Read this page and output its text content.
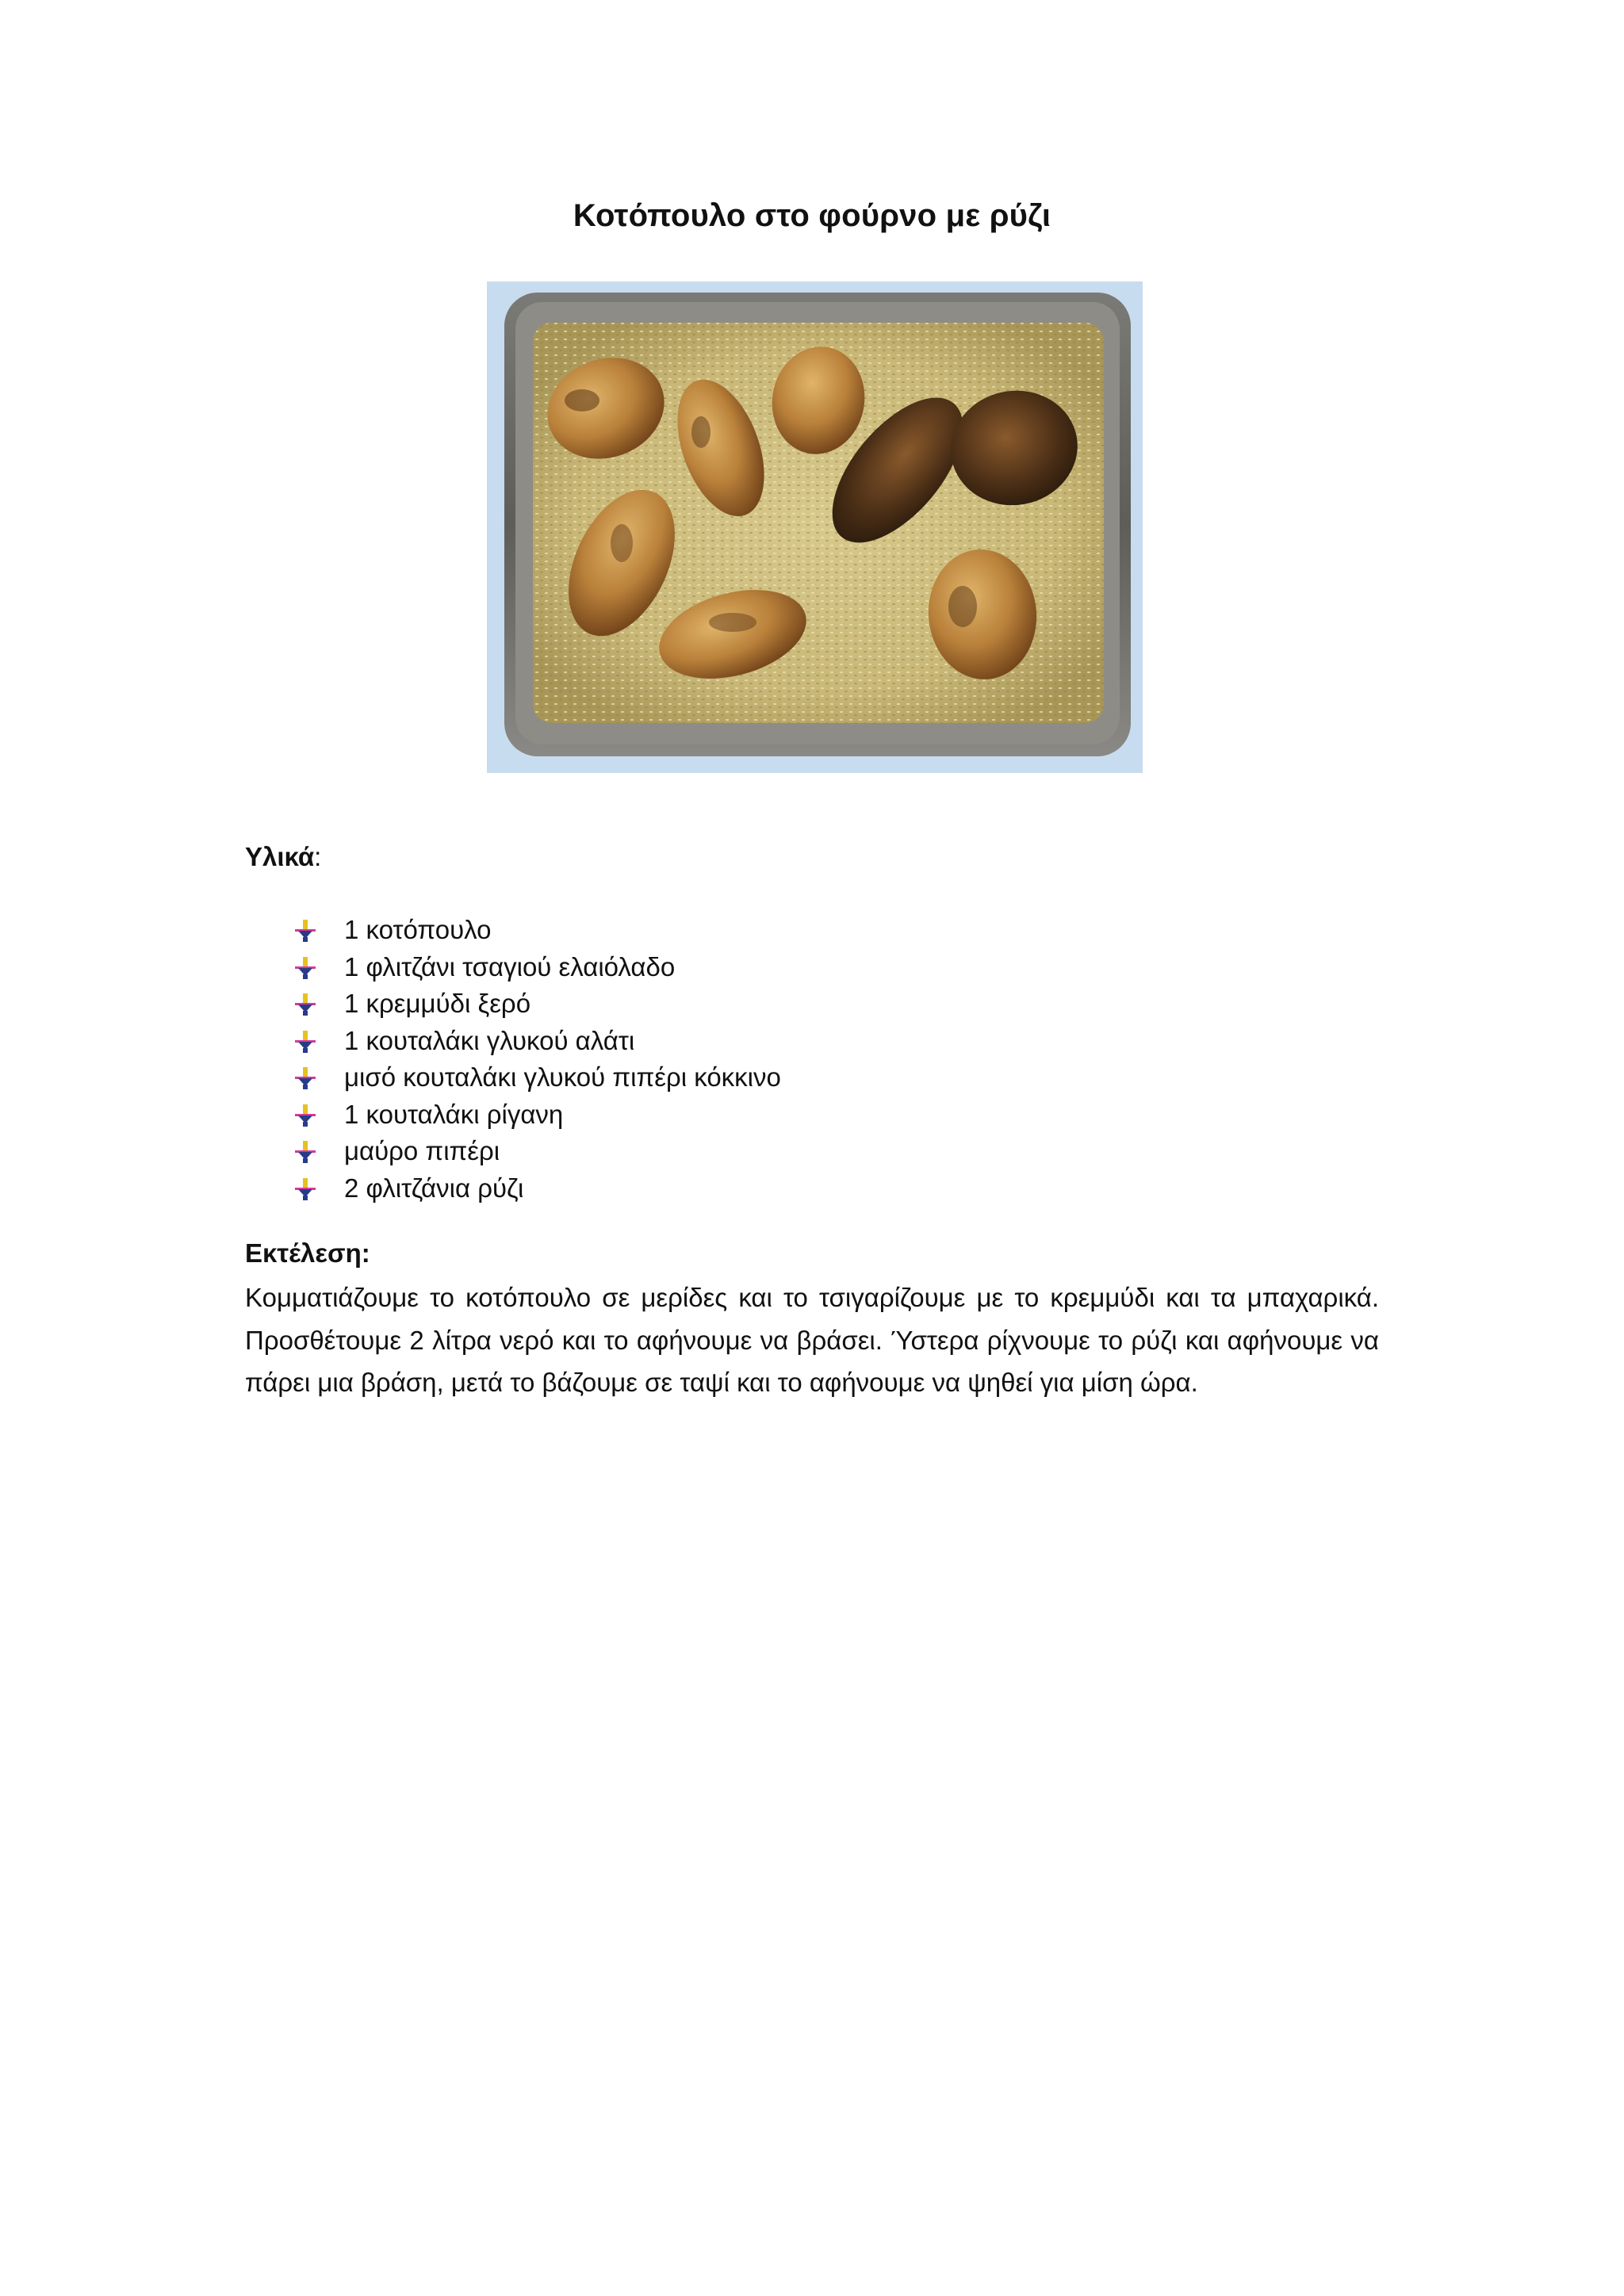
Κοτόπουλο στο φούρνο με ρύζι
Υλικά:
1 κοτόπουλο
1 φλιτζάνι τσαγιού ελαιόλαδο
1 κρεμμύδι ξερό
1 κουταλάκι γλυκού αλάτι
μισό κουταλάκι γλυκού πιπέρι κόκκινο
1 κουταλάκι ρίγανη
μαύρο πιπέρι
2 φλιτζάνια ρύζι
Εκτέλεση:

Κομματιάζουμε το κοτόπουλο σε μερίδες και το τσιγαρίζουμε με το κρεμμύδι και τα μπαχαρικά. Προσθέτουμε 2 λίτρα νερό και το αφήνουμε να βράσει. Ύστερα ρίχνουμε το ρύζι και αφήνουμε να πάρει μια βράση, μετά το βάζουμε σε ταψί και το αφήνουμε να ψηθεί για μίση ώρα.
